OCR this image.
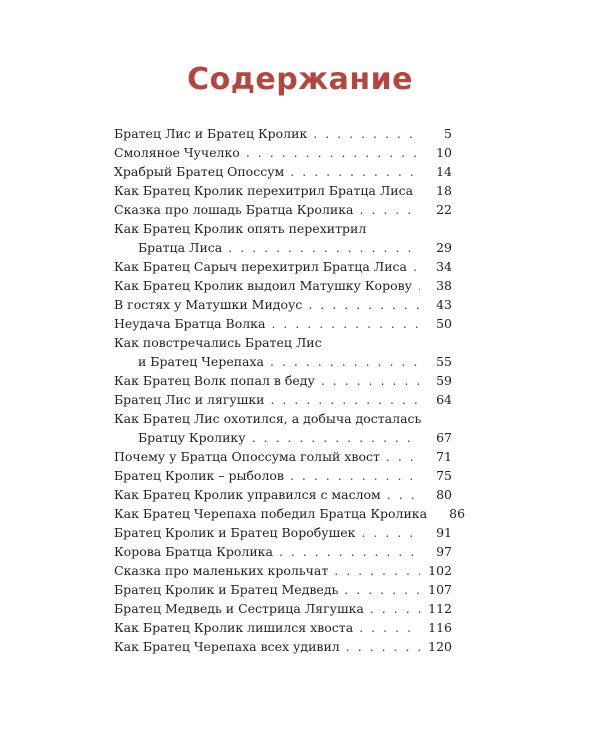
Содержание
Братец Лис и Братец Кролик . . .	5
Смоляное Чучелко . . .	10
Храбрый Братец Опоссум . . .	14
Как Братец Кролик перехитрил Братца Лиса . . .	18
Сказка про лошадь Братца Кролика . . .	22
Как Братец Кролик опять перехитрил
Братца Лиса . . .	29
Как Братец Сарыч перехитрил Братца Лиса . . .	34
Как Братец Кролик выдоил Матушку Корову . . .	38
В гостях у Матушки Мидоус . . .	43
Неудача Братца Волка . . .	50
Как повстречались Братец Лис
и Братец Черепаха . . .	55
Как Братец Волк попал в беду . . .	59
Братец Лис и лягушки . . .	64
Как Братец Лис охотился, а добыча досталась
Братцу Кролику . . .	67
Почему у Братца Опоссума голый хвост . . .	71
Братец Кролик – рыболов . . .	75
Как Братец Кролик управился с маслом . . .	80
Как Братец Черепаха победил Братца Кролика	86
Братец Кролик и Братец Воробушек . . .	91
Корова Братца Кролика . . .	97
Сказка про маленьких крольчат . . .	102
Братец Кролик и Братец Медведь . . .	107
Братец Медведь и Сестрица Лягушка . . .	112
Как Братец Кролик лишился хвоста . . .	116
Как Братец Черепаха всех удивил . . .	120
